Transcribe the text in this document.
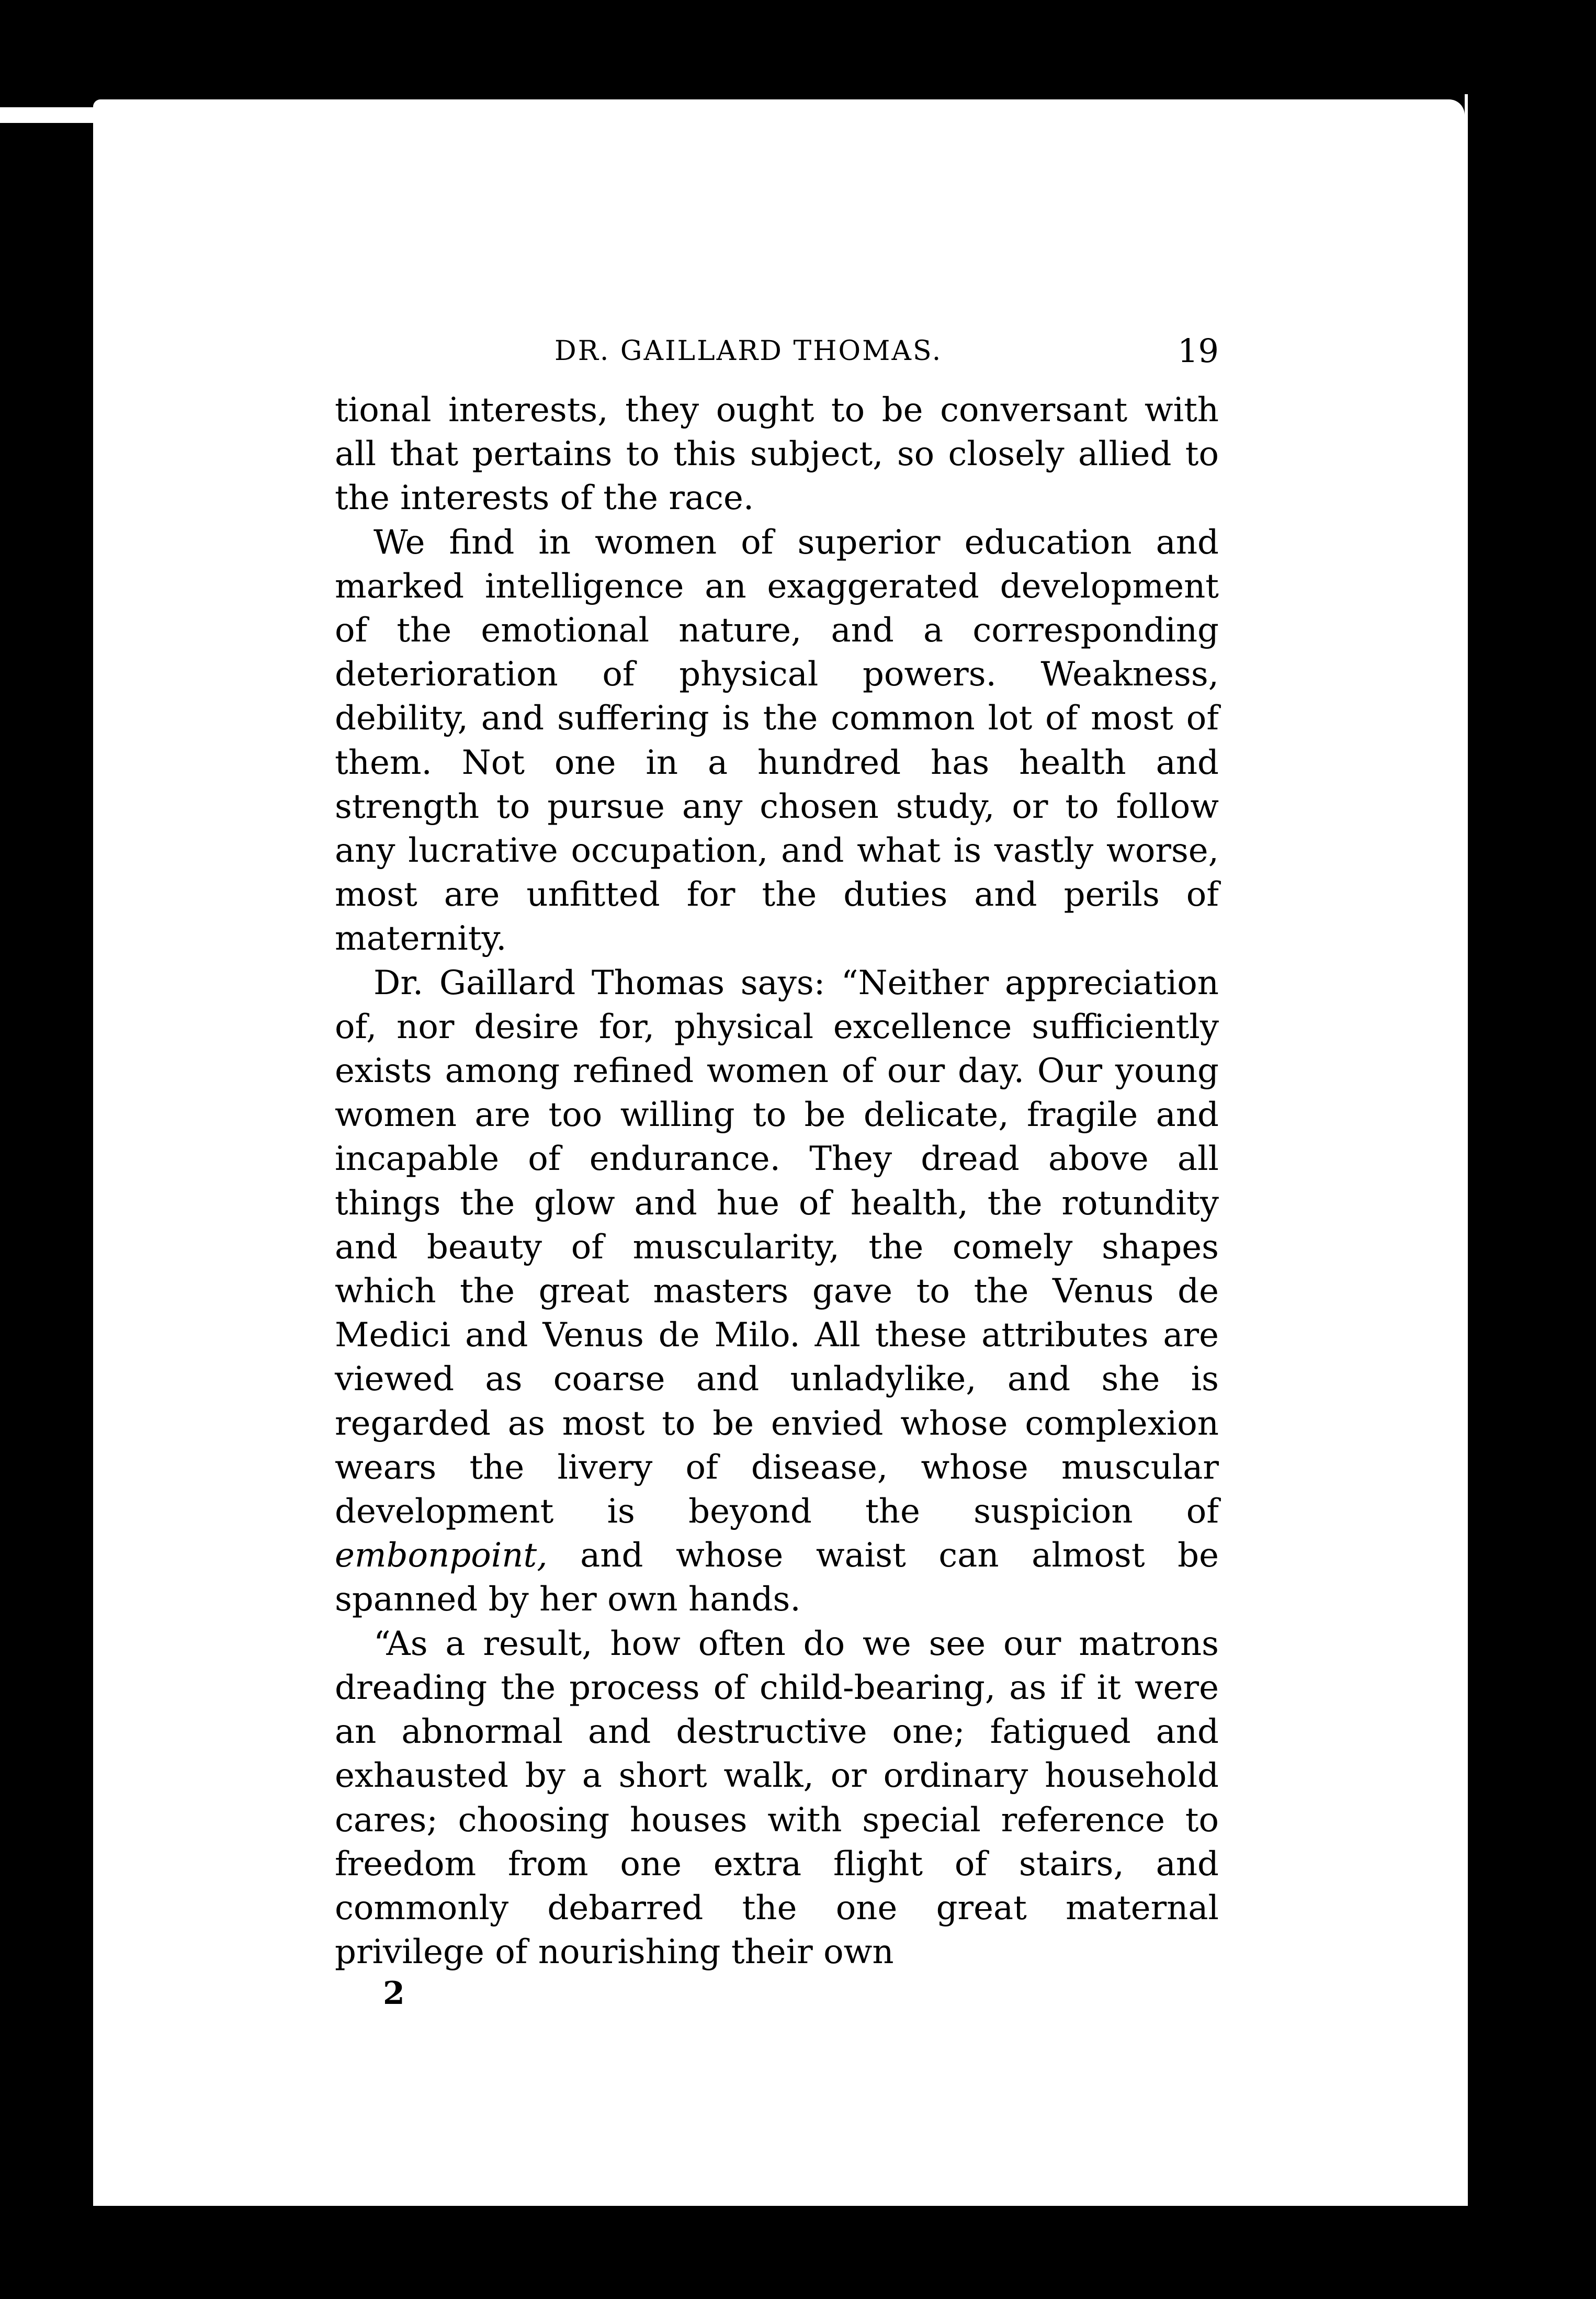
DR. GAILLARD THOMAS.	19

tional interests, they ought to be conversant with all that pertains to this subject, so closely allied to the interests of the race.

We find in women of superior education and marked intelligence an exaggerated development of the emotional nature, and a corresponding deterioration of physical powers. Weakness, debility, and suffering is the common lot of most of them. Not one in a hundred has health and strength to pursue any chosen study, or to follow any lucrative occupation, and what is vastly worse, most are unfitted for the duties and perils of maternity.

Dr. Gaillard Thomas says: “Neither appreciation of, nor desire for, physical excellence sufficiently exists among refined women of our day. Our young women are too willing to be delicate, fragile and incapable of endurance. They dread above all things the glow and hue of health, the rotundity and beauty of muscularity, the comely shapes which the great masters gave to the Venus de Medici and Venus de Milo. All these attributes are viewed as coarse and unladylike, and she is regarded as most to be envied whose complexion wears the livery of disease, whose muscular development is beyond the suspicion of embonpoint, and whose waist can almost be spanned by her own hands.

“As a result, how often do we see our matrons dreading the process of child-bearing, as if it were an abnormal and destructive one; fatigued and exhausted by a short walk, or ordinary household cares; choosing houses with special reference to freedom from one extra flight of stairs, and commonly debarred the one great maternal privilege of nourishing their own

2
